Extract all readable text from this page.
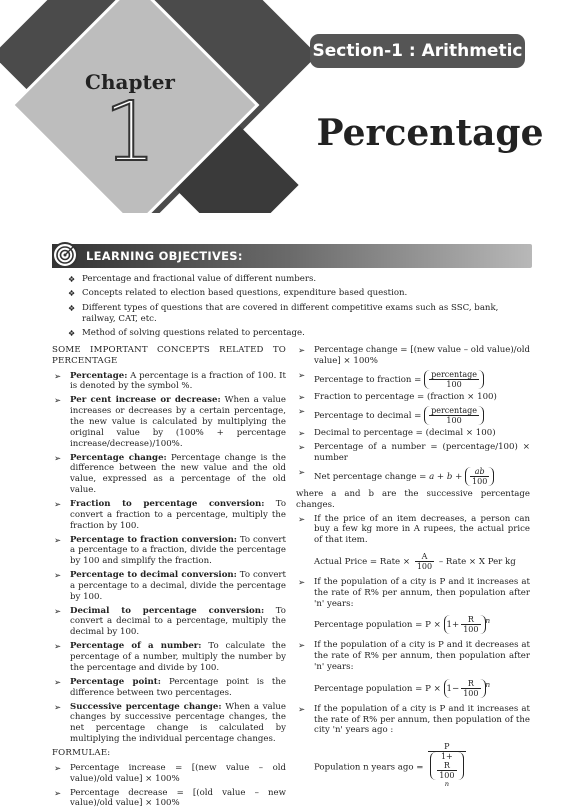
Chapter
1
Section-1 : Arithmetic
Percentage
LEARNING OBJECTIVES:
❖ Percentage and fractional value of different numbers.
❖ Concepts related to election based questions, expenditure based question.
❖ Different types of questions that are covered in different competitive exams such as SSC, bank, railway, CAT, etc.
❖ Method of solving questions related to percentage.
SOME IMPORTANT CONCEPTS RELATED TO PERCENTAGE
➢ Percentage: A percentage is a fraction of 100. It is denoted by the symbol %.
➢ Per cent increase or decrease: When a value increases or decreases by a certain percentage, the new value is calculated by multiplying the original value by (100% + percentage increase/decrease)/100%.
➢ Percentage change: Percentage change is the difference between the new value and the old value, expressed as a percentage of the old value.
➢ Fraction to percentage conversion: To convert a fraction to a percentage, multiply the fraction by 100.
➢ Percentage to fraction conversion: To convert a percentage to a fraction, divide the percentage by 100 and simplify the fraction.
➢ Percentage to decimal conversion: To convert a percentage to a decimal, divide the percentage by 100.
➢ Decimal to percentage conversion: To convert a decimal to a percentage, multiply the decimal by 100.
➢ Percentage of a number: To calculate the percentage of a number, multiply the number by the percentage and divide by 100.
➢ Percentage point: Percentage point is the difference between two percentages.
➢ Successive percentage change: When a value changes by successive percentage changes, the net percentage change is calculated by multiplying the individual percentage changes.
FORMULAE:
➢ Percentage increase = [(new value – old value)/old value] × 100%
➢ Percentage decrease = [(old value – new value)/old value] × 100%
➢ Percentage change = [(new value – old value)/old value] × 100%
➢ Percentage to fraction = $\frac{\text{percentage}}{100}$
➢ Fraction to percentage = (fraction × 100)
➢ Percentage to decimal = $\frac{\text{percentage}}{100}$
➢ Decimal to percentage = (decimal × 100)
➢ Percentage of a number = (percentage/100) × number
➢ Net percentage change = $a + b + \frac{ab}{100}$
where a and b are the successive percentage changes.
➢ If the price of an item decreases, a person can buy a few kg more in A rupees, the actual price of that item.
Actual Price = Rate × $\frac{A}{100}$ – Rate × X Per kg
➢ If the population of a city is P and it increases at the rate of R% per annum, then population after 'n' years:
Percentage population = $P \times 1+ \frac{R}{100} ^n$
➢ If the population of a city is P and it decreases at the rate of R% per annum, then population after 'n' years:
Percentage population = $P \times 1- \frac{R}{100} ^n$
➢ If the population of a city is P and it increases at the rate of R% per annum, then population of the city 'n' years ago :
Population n years ago = P
1+
R
100
$^n$
